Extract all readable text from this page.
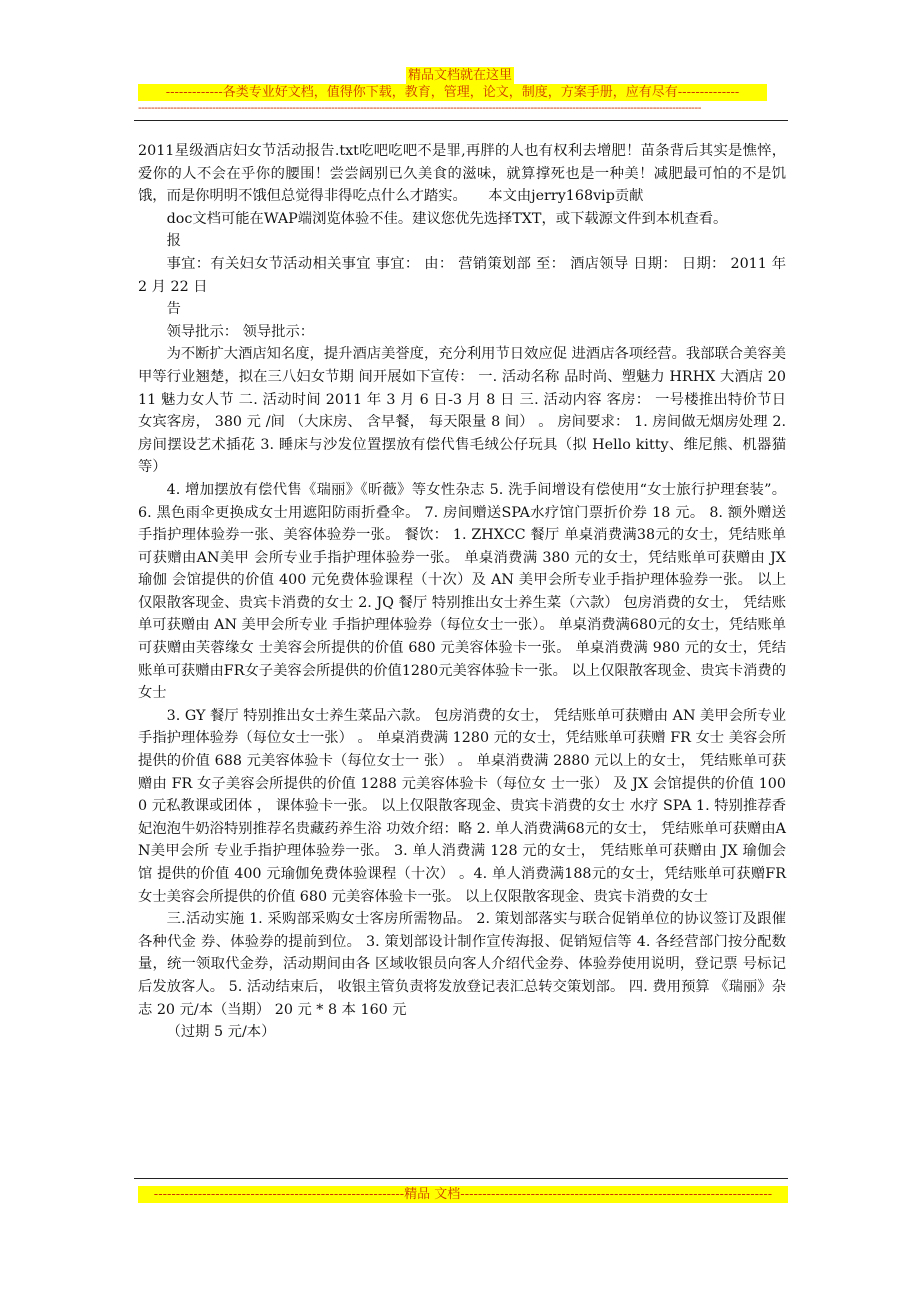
精品文档就在这里
-------------各类专业好文档，值得你下载，教育，管理，论文，制度，方案手册，应有尽有--------------
-------------------------------------------------------------------------------------------------------------------------------------------------------------------------------

2011星级酒店妇女节活动报告.txt吃吧吃吧不是罪,再胖的人也有权利去增肥！苗条背后其实是憔悴，爱你的人不会在乎你的腰围！尝尝阔别已久美食的滋味，就算撑死也是一种美！减肥最可怕的不是饥饿，而是你明明不饿但总觉得非得吃点什么才踏实。　　本文由jerry168vip贡献

doc文档可能在WAP端浏览体验不佳。建议您优先选择TXT，或下载源文件到本机查看。

报

事宜：有关妇女节活动相关事宜 事宜： 由： 营销策划部 至： 酒店领导 日期： 日期： 2011 年 2 月 22 日

告

领导批示： 领导批示：

为不断扩大酒店知名度，提升酒店美誉度，充分利用节日效应促 进酒店各项经营。我部联合美容美甲等行业翘楚，拟在三八妇女节期 间开展如下宣传： 一. 活动名称 品时尚、塑魅力 HRHX 大酒店 2011 魅力女人节 二. 活动时间 2011 年 3 月 6 日-3 月 8 日 三. 活动内容 客房： 一号楼推出特价节日女宾客房， 380 元 /间 （大床房、 含早餐， 每天限量 8 间） 。 房间要求： 1. 房间做无烟房处理 2. 房间摆设艺术插花 3. 睡床与沙发位置摆放有偿代售毛绒公仔玩具（拟 Hello kitty、维尼熊、机器猫等）

4. 增加摆放有偿代售《瑞丽》《昕薇》等女性杂志 5. 洗手间增设有偿使用“女士旅行护理套装”。 6. 黑色雨伞更换成女士用遮阳防雨折叠伞。 7. 房间赠送SPA水疗馆门票折价券 18 元。 8. 额外赠送手指护理体验券一张、美容体验券一张。 餐饮： 1. ZHXCC 餐厅 单桌消费满38元的女士，凭结账单可获赠由AN美甲 会所专业手指护理体验券一张。 单桌消费满 380 元的女士，凭结账单可获赠由 JX 瑜伽 会馆提供的价值 400 元免费体验课程（十次）及 AN 美甲会所专业手指护理体验券一张。 以上仅限散客现金、贵宾卡消费的女士 2. JQ 餐厅 特别推出女士养生菜（六款） 包房消费的女士， 凭结账单可获赠由 AN 美甲会所专业 手指护理体验券（每位女士一张）。 单桌消费满680元的女士，凭结账单可获赠由芙蓉缘女 士美容会所提供的价值 680 元美容体验卡一张。 单桌消费满 980 元的女士，凭结账单可获赠由FR女子美容会所提供的价值1280元美容体验卡一张。 以上仅限散客现金、贵宾卡消费的女士

3. GY 餐厅 特别推出女士养生菜品六款。 包房消费的女士， 凭结账单可获赠由 AN 美甲会所专业 手指护理体验券（每位女士一张） 。 单桌消费满 1280 元的女士，凭结账单可获赠 FR 女士 美容会所提供的价值 688 元美容体验卡（每位女士一 张） 。 单桌消费满 2880 元以上的女士， 凭结账单可获赠由 FR 女子美容会所提供的价值 1288 元美容体验卡（每位女 士一张） 及 JX 会馆提供的价值 1000 元私教课或团体 ， 课体验卡一张。 以上仅限散客现金、贵宾卡消费的女士 水疗 SPA 1. 特别推荐香妃泡泡牛奶浴特别推荐名贵藏药养生浴 功效介绍：略 2. 单人消费满68元的女士， 凭结账单可获赠由AN美甲会所 专业手指护理体验券一张。 3. 单人消费满 128 元的女士， 凭结账单可获赠由 JX 瑜伽会馆 提供的价值 400 元瑜伽免费体验课程（十次） 。4. 单人消费满188元的女士，凭结账单可获赠FR女士美容会所提供的价值 680 元美容体验卡一张。 以上仅限散客现金、贵宾卡消费的女士

三.活动实施 1. 采购部采购女士客房所需物品。 2. 策划部落实与联合促销单位的协议签订及跟催各种代金 券、体验券的提前到位。 3. 策划部设计制作宣传海报、促销短信等 4. 各经营部门按分配数量，统一领取代金券，活动期间由各 区域收银员向客人介绍代金券、体验券使用说明，登记票 号标记后发放客人。 5. 活动结束后， 收银主管负责将发放登记表汇总转交策划部。 四. 费用预算 《瑞丽》杂志 20 元/本（当期） 20 元 * 8 本 160 元

（过期 5 元/本）

---------------------------------------------------------精品 文档-----------------------------------------------------------------------
